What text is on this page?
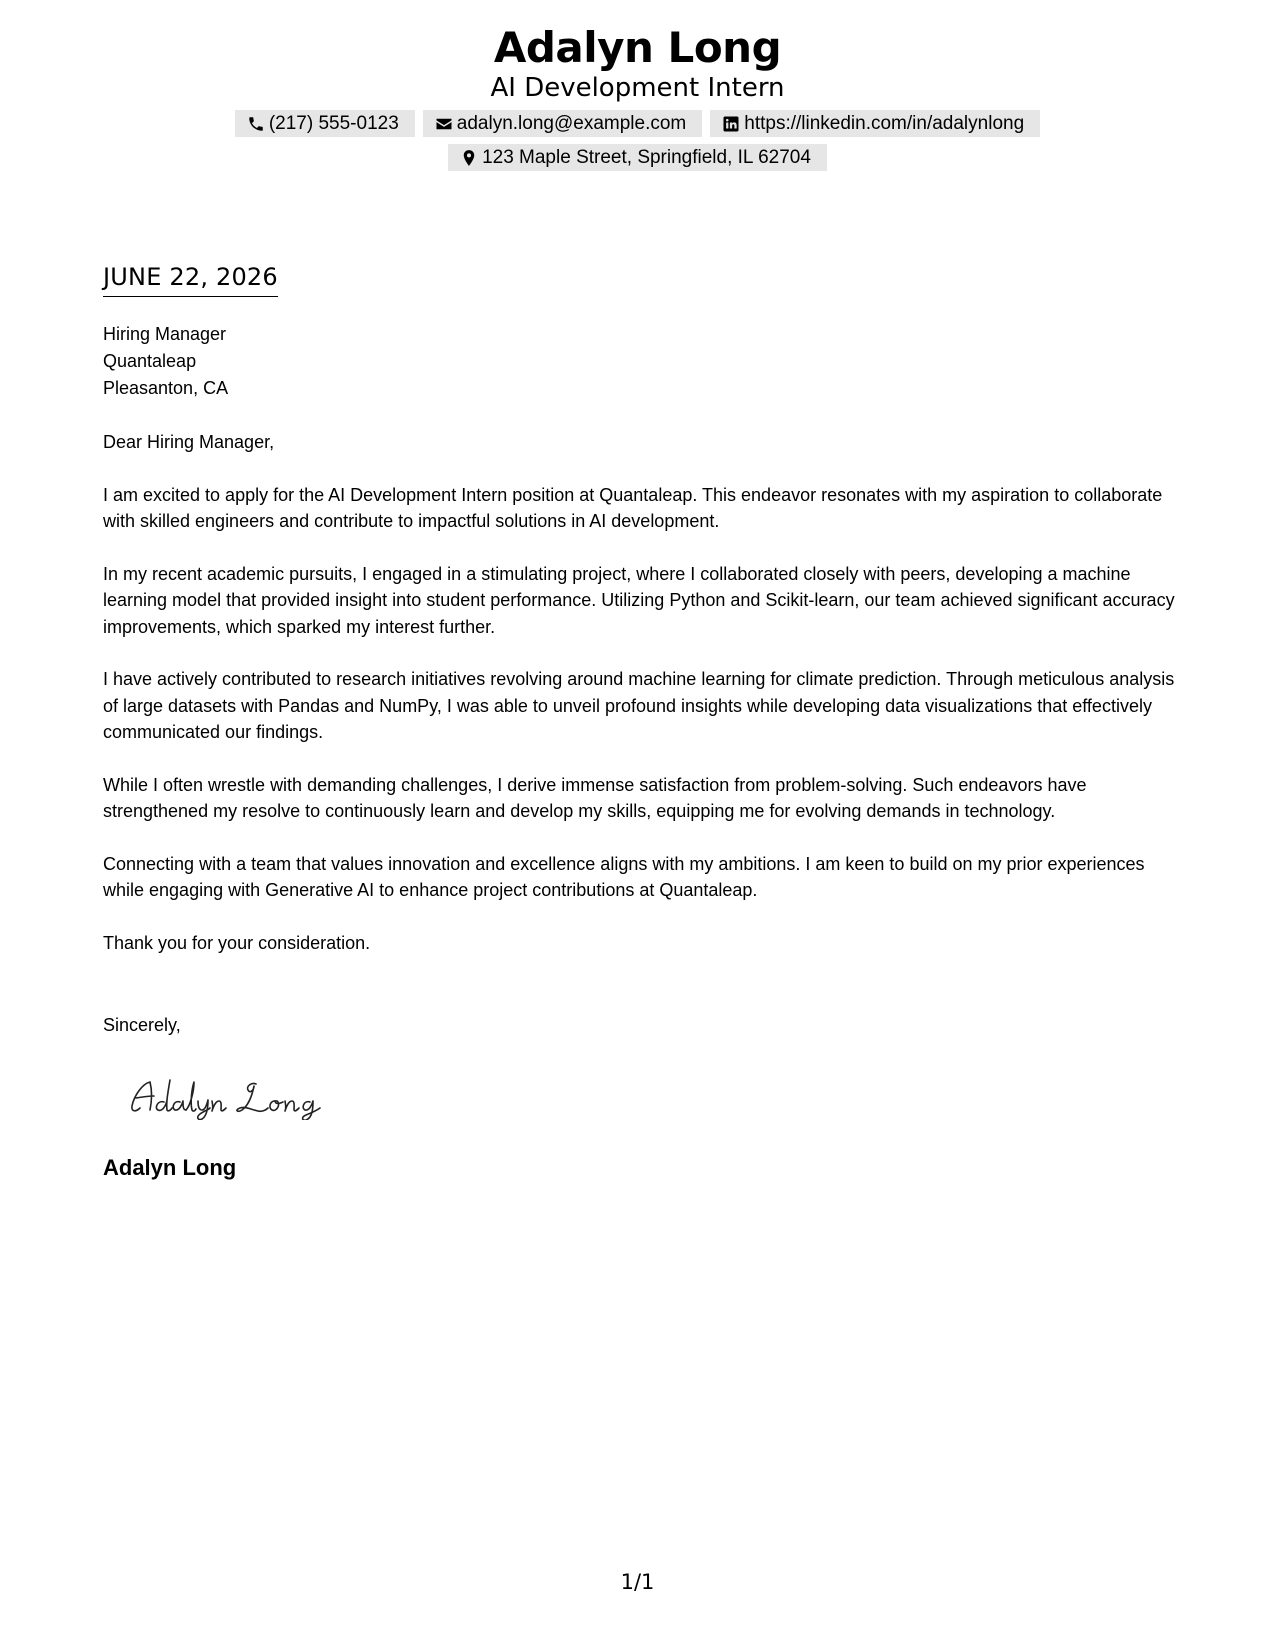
Adalyn Long
AI Development Intern
(217) 555-0123	adalyn.long@example.com	https://linkedin.com/in/adalynlong
123 Maple Street, Springfield, IL 62704
JUNE 22, 2026
Hiring Manager
Quantaleap
Pleasanton, CA

Dear Hiring Manager,

I am excited to apply for the AI Development Intern position at Quantaleap. This endeavor resonates with my aspiration to collaborate with skilled engineers and contribute to impactful solutions in AI development.

In my recent academic pursuits, I engaged in a stimulating project, where I collaborated closely with peers, developing a machine learning model that provided insight into student performance. Utilizing Python and Scikit-learn, our team achieved significant accuracy improvements, which sparked my interest further.

I have actively contributed to research initiatives revolving around machine learning for climate prediction. Through meticulous analysis of large datasets with Pandas and NumPy, I was able to unveil profound insights while developing data visualizations that effectively communicated our findings.

While I often wrestle with demanding challenges, I derive immense satisfaction from problem-solving. Such endeavors have strengthened my resolve to continuously learn and develop my skills, equipping me for evolving demands in technology.

Connecting with a team that values innovation and excellence aligns with my ambitions. I am keen to build on my prior experiences while engaging with Generative AI to enhance project contributions at Quantaleap.

Thank you for your consideration.

Sincerely,
Adalyn Long
1/1
